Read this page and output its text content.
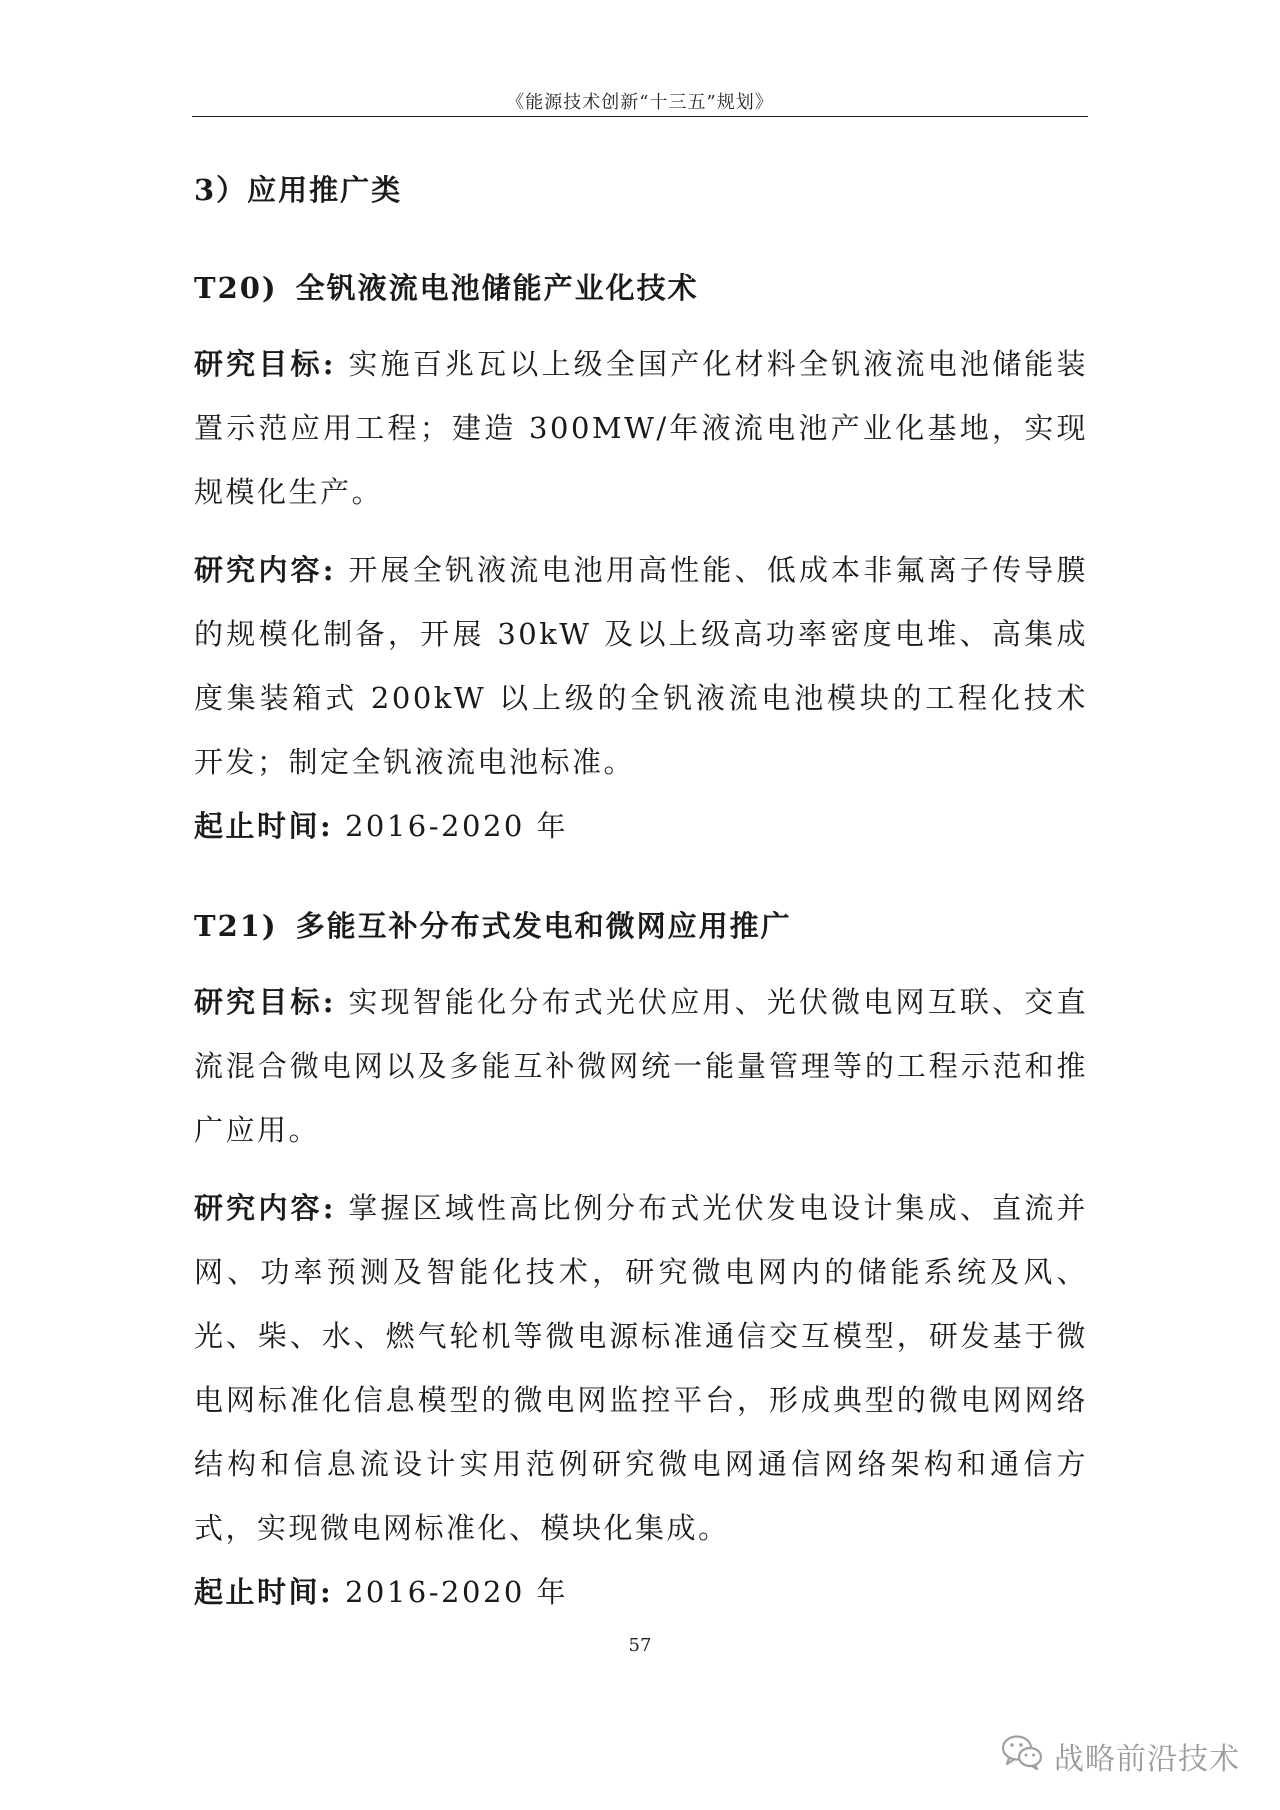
《能源技术创新“十三五”规划》

3）应用推广类

T20) 全钒液流电池储能产业化技术

研究目标: 实施百兆瓦以上级全国产化材料全钒液流电池储能装置示范应用工程；建造 300MW/年液流电池产业化基地，实现规模化生产。

研究内容: 开展全钒液流电池用高性能、低成本非氟离子传导膜的规模化制备，开展 30kW 及以上级高功率密度电堆、高集成度集装箱式 200kW 以上级的全钒液流电池模块的工程化技术开发；制定全钒液流电池标准。

起止时间: 2016-2020 年

T21) 多能互补分布式发电和微网应用推广

研究目标: 实现智能化分布式光伏应用、光伏微电网互联、交直流混合微电网以及多能互补微网统一能量管理等的工程示范和推广应用。

研究内容: 掌握区域性高比例分布式光伏发电设计集成、直流并网、功率预测及智能化技术，研究微电网内的储能系统及风、光、柴、水、燃气轮机等微电源标准通信交互模型，研发基于微电网标准化信息模型的微电网监控平台，形成典型的微电网网络结构和信息流设计实用范例研究微电网通信网络架构和通信方式，实现微电网标准化、模块化集成。

起止时间: 2016-2020 年

57
战略前沿技术
